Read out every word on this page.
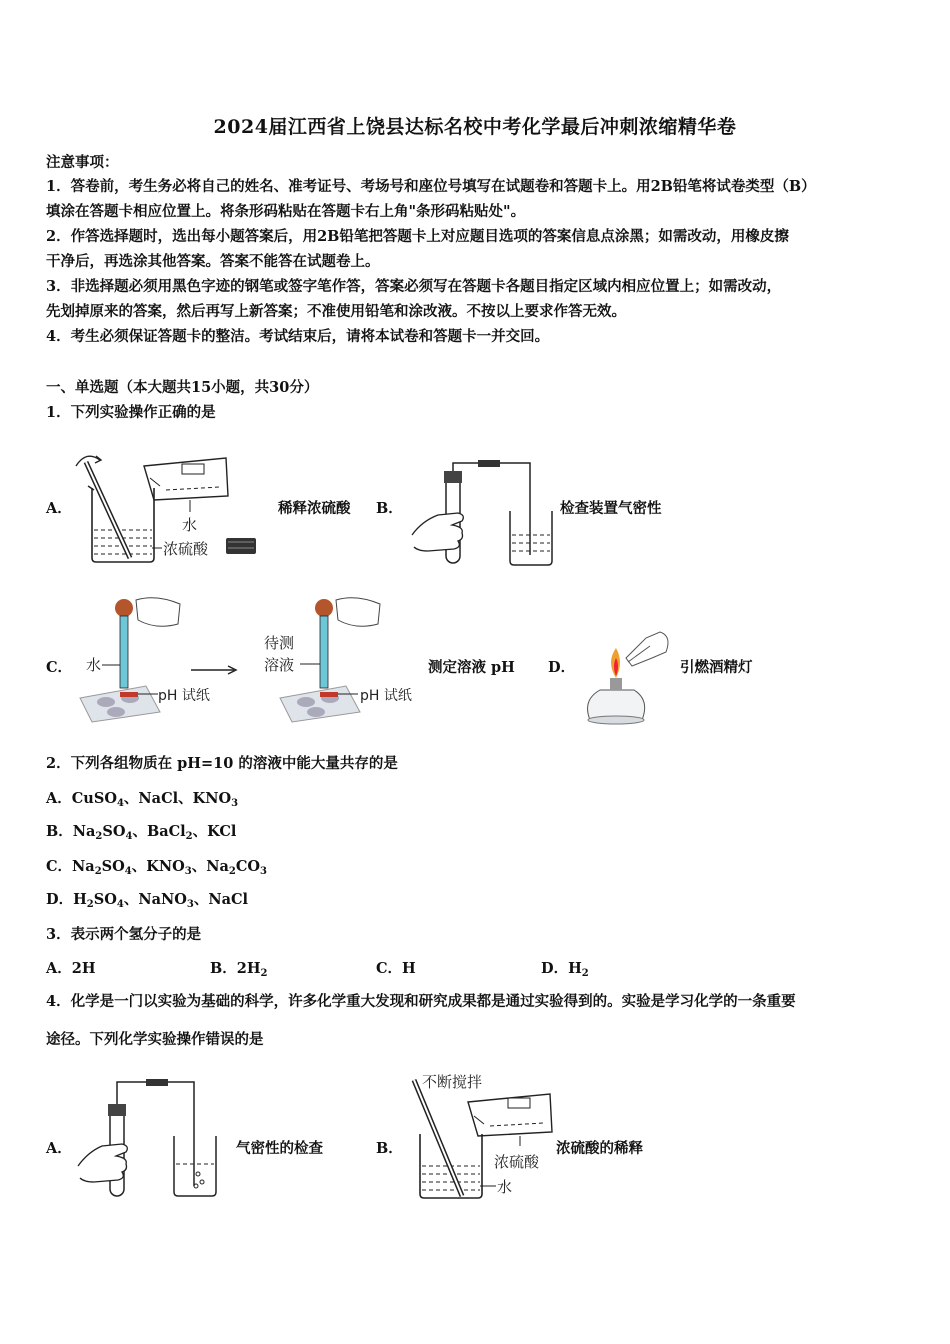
2024届江西省上饶县达标名校中考化学最后冲刺浓缩精华卷
注意事项：
1．答卷前，考生务必将自己的姓名、准考证号、考场号和座位号填写在试题卷和答题卡上。用2B铅笔将试卷类型（B）
填涂在答题卡相应位置上。将条形码粘贴在答题卡右上角"条形码粘贴处"。
2．作答选择题时，选出每小题答案后，用2B铅笔把答题卡上对应题目选项的答案信息点涂黑；如需改动，用橡皮擦
干净后，再选涂其他答案。答案不能答在试题卷上。
3．非选择题必须用黑色字迹的钢笔或签字笔作答，答案必须写在答题卡各题目指定区域内相应位置上；如需改动，
先划掉原来的答案，然后再写上新答案；不准使用铅笔和涂改液。不按以上要求作答无效。
4．考生必须保证答题卡的整洁。考试结束后，请将本试卷和答题卡一并交回。
一、单选题（本大题共15小题，共30分）
1．下列实验操作正确的是
A．
水
浓硫酸
稀释浓硫酸 B．	检查装置气密性
C． 水
pH 试纸
待测
溶液
pH 试纸
测定溶液 pH D．	引燃酒精灯
2．下列各组物质在 pH=10 的溶液中能大量共存的是
A．CuSO$_4$、NaCl、$KNO_3$
B．$Na_2SO_4$、BaCl$_2$、KCl
C．$Na_2SO_4$、$KNO_3$、$Na_2CO_3$
D．$H_2SO_4$、NaNO$_3$、NaCl
3．表示两个氢分子的是
A．2H	B．$2H_2$	C．H	D．$H_2$
4．化学是一门以实验为基础的科学，许多化学重大发现和研究成果都是通过实验得到的。实验是学习化学的一条重要
途径。下列化学实验操作错误的是
A．	气密性的检查	B．
不断搅拌
浓硫酸
水
浓硫酸的稀释
